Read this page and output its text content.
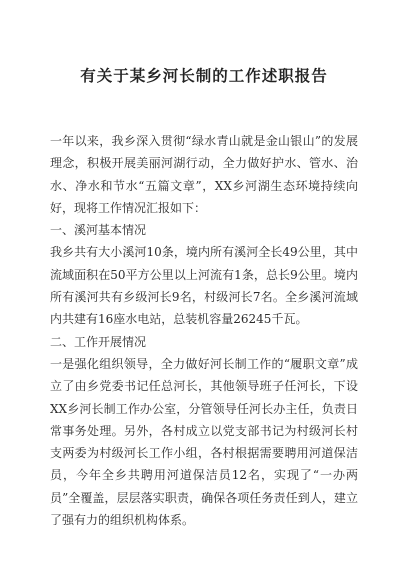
有关于某乡河长制的工作述职报告

一年以来，我乡深入贯彻“绿水青山就是金山银山”的发展理念，积极开展美丽河湖行动，全力做好护水、管水、治水、净水和节水“五篇文章”，XX乡河湖生态环境持续向好，现将工作情况汇报如下：

一、溪河基本情况

我乡共有大小溪河10条，境内所有溪河全长49公里，其中流域面积在50平方公里以上河流有1条，总长9公里。境内所有溪河共有乡级河长9名，村级河长7名。全乡溪河流域内共建有16座水电站，总装机容量26245千瓦。

二、工作开展情况

一是强化组织领导，全力做好河长制工作的“履职文章”成立了由乡党委书记任总河长，其他领导班子任河长，下设XX乡河长制工作办公室，分管领导任河长办主任，负责日常事务处理。另外，各村成立以党支部书记为村级河长村支两委为村级河长工作小组，各村根据需要聘用河道保洁员，今年全乡共聘用河道保洁员12名，实现了“一办两员”全覆盖，层层落实职责，确保各项任务责任到人，建立了强有力的组织机构体系。
